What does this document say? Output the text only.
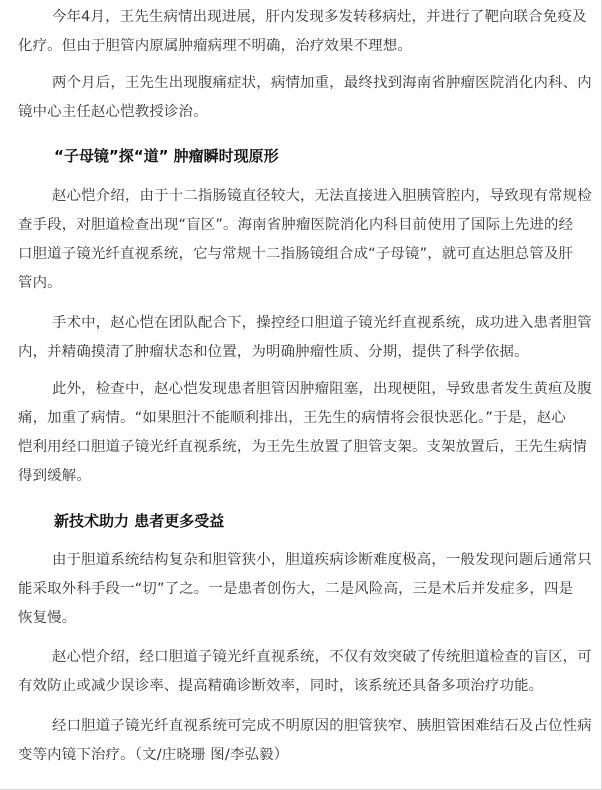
今年4月，王先生病情出现进展，肝内发现多发转移病灶，并进行了靶向联合免疫及
化疗。但由于胆管内原属肿瘤病理不明确，治疗效果不理想。

两个月后，王先生出现腹痛症状，病情加重，最终找到海南省肿瘤医院消化内科、内
镜中心主任赵心恺教授诊治。

“子母镜”探“道” 肿瘤瞬时现原形

赵心恺介绍，由于十二指肠镜直径较大，无法直接进入胆胰管腔内，导致现有常规检
查手段，对胆道检查出现“盲区”。海南省肿瘤医院消化内科目前使用了国际上先进的经
口胆道子镜光纤直视系统，它与常规十二指肠镜组合成“子母镜”，就可直达胆总管及肝
管内。

手术中，赵心恺在团队配合下，操控经口胆道子镜光纤直视系统，成功进入患者胆管
内，并精确摸清了肿瘤状态和位置，为明确肿瘤性质、分期，提供了科学依据。

此外，检查中，赵心恺发现患者胆管因肿瘤阻塞，出现梗阻，导致患者发生黄疸及腹
痛，加重了病情。“如果胆汁不能顺利排出，王先生的病情将会很快恶化。”于是，赵心
恺利用经口胆道子镜光纤直视系统，为王先生放置了胆管支架。支架放置后，王先生病情
得到缓解。

新技术助力 患者更多受益

由于胆道系统结构复杂和胆管狭小，胆道疾病诊断难度极高，一般发现问题后通常只
能采取外科手段一“切”了之。一是患者创伤大，二是风险高，三是术后并发症多，四是
恢复慢。

赵心恺介绍，经口胆道子镜光纤直视系统，不仅有效突破了传统胆道检查的盲区，可
有效防止或减少误诊率、提高精确诊断效率，同时，该系统还具备多项治疗功能。

经口胆道子镜光纤直视系统可完成不明原因的胆管狭窄、胰胆管困难结石及占位性病
变等内镜下治疗。（文/庄晓珊 图/李弘毅）
